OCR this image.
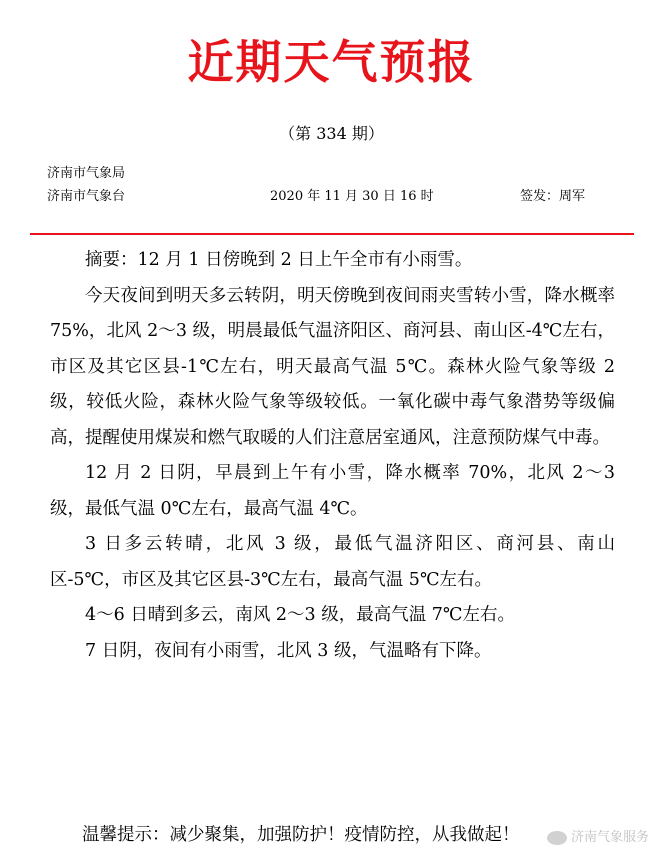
近期天气预报
（第 334 期）
济南市气象局
济南市气象台	2020 年 11 月 30 日 16 时	签发：周军

摘要：12 月 1 日傍晚到 2 日上午全市有小雨雪。

今天夜间到明天多云转阴，明天傍晚到夜间雨夹雪转小雪，降水概率 75%，北风 2～3 级，明晨最低气温济阳区、商河县、南山区-4℃左右，市区及其它区县-1℃左右，明天最高气温 5℃。森林火险气象等级 2 级，较低火险，森林火险气象等级较低。一氧化碳中毒气象潜势等级偏高，提醒使用煤炭和燃气取暖的人们注意居室通风，注意预防煤气中毒。

12 月 2 日阴，早晨到上午有小雪，降水概率 70%，北风 2～3 级，最低气温 0℃左右，最高气温 4℃。

3 日多云转晴，北风 3 级，最低气温济阳区、商河县、南山区-5℃，市区及其它区县-3℃左右，最高气温 5℃左右。

4～6 日晴到多云，南风 2～3 级，最高气温 7℃左右。

7 日阴，夜间有小雨雪，北风 3 级，气温略有下降。

温馨提示：减少聚集，加强防护！疫情防控，从我做起！	济南气象服务
